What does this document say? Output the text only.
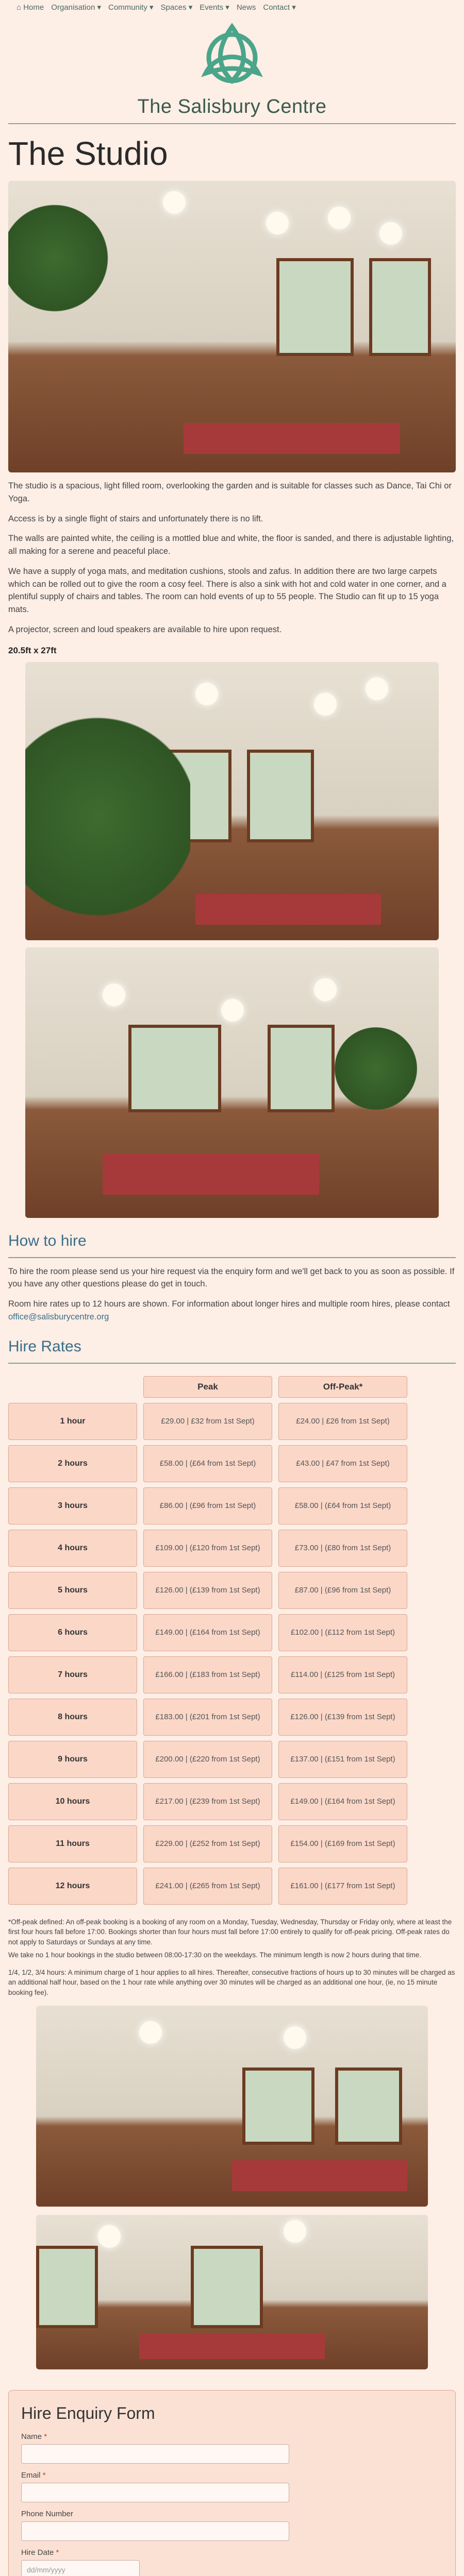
⌂ Home Organisation ▾ Community ▾ Spaces ▾ Events ▾ News Contact ▾
The Salisbury Centre
The Studio

The studio is a spacious, light filled room, overlooking the garden and is suitable for classes such as Dance, Tai Chi or Yoga.

Access is by a single flight of stairs and unfortunately there is no lift.

The walls are painted white, the ceiling is a mottled blue and white, the floor is sanded, and there is adjustable lighting, all making for a serene and peaceful place.

We have a supply of yoga mats, and meditation cushions, stools and zafus. In addition there are two large carpets which can be rolled out to give the room a cosy feel. There is also a sink with hot and cold water in one corner, and a plentiful supply of chairs and tables. The room can hold events of up to 55 people. The Studio can fit up to 15 yoga mats.

A projector, screen and loud speakers are available to hire upon request.

20.5ft x 27ft
How to hire

To hire the room please send us your hire request via the enquiry form and we'll get back to you as soon as possible. If you have any other questions please do get in touch.

Room hire rates up to 12 hours are shown. For information about longer hires and multiple room hires, please contact office@salisburycentre.org

Hire Rates
	Peak	Off-Peak*
1 hour	£29.00 | £32 from 1st Sept)	£24.00 | £26 from 1st Sept)
2 hours	£58.00 | (£64 from 1st Sept)	£43.00 | £47 from 1st Sept)
3 hours	£86.00 | (£96 from 1st Sept)	£58.00 | (£64 from 1st Sept)
4 hours	£109.00 | (£120 from 1st Sept)	£73.00 | (£80 from 1st Sept)
5 hours	£126.00 | (£139 from 1st Sept)	£87.00 | (£96 from 1st Sept)
6 hours	£149.00 | (£164 from 1st Sept)	£102.00 | (£112 from 1st Sept)
7 hours	£166.00 | (£183 from 1st Sept)	£114.00 | (£125 from 1st Sept)
8 hours	£183.00 | (£201 from 1st Sept)	£126.00 | (£139 from 1st Sept)
9 hours	£200.00 | (£220 from 1st Sept)	£137.00 | (£151 from 1st Sept)
10 hours	£217.00 | (£239 from 1st Sept)	£149.00 | (£164 from 1st Sept)
11 hours	£229.00 | (£252 from 1st Sept)	£154.00 | (£169 from 1st Sept)
12 hours	£241.00 | (£265 from 1st Sept)	£161.00 | (£177 from 1st Sept)

*Off-peak defined: An off-peak booking is a booking of any room on a Monday, Tuesday, Wednesday, Thursday or Friday only, where at least the first four hours fall before 17:00. Bookings shorter than four hours must fall before 17:00 entirely to qualify for off-peak pricing. Off-peak rates do not apply to Saturdays or Sundays at any time.

We take no 1 hour bookings in the studio between 08:00-17:30 on the weekdays. The minimum length is now 2 hours during that time.

1/4, 1/2, 3/4 hours: A minimum charge of 1 hour applies to all hires. Thereafter, consecutive fractions of hours up to 30 minutes will be charged as an additional half hour, based on the 1 hour rate while anything over 30 minutes will be charged as an additional one hour, (ie, no 15 minute booking fee).

Hire Enquiry Form
Name *
Email *
Phone Number
Hire Date *
dd/mm/yyyy
